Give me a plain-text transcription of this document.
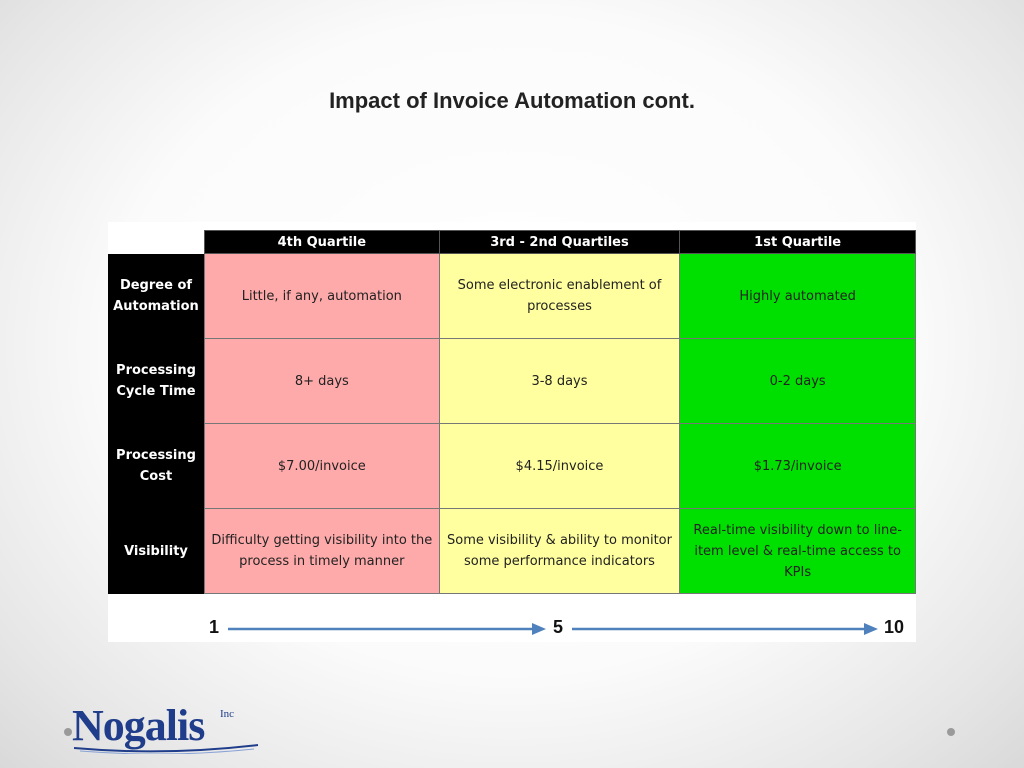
Impact of Invoice Automation cont.
	4th Quartile	3rd - 2nd Quartiles	1st Quartile
Degree of Automation	Little, if any, automation	Some electronic enablement of processes	Highly automated
Processing Cycle Time	8+ days	3-8 days	0-2 days
Processing Cost	$7.00/invoice	$4.15/invoice	$1.73/invoice
Visibility	Difficulty getting visibility into the process in timely manner	Some visibility & ability to monitor some performance indicators	Real-time visibility down to line-item level & real-time access to KPIs
1	5	10
Nogalis Inc
